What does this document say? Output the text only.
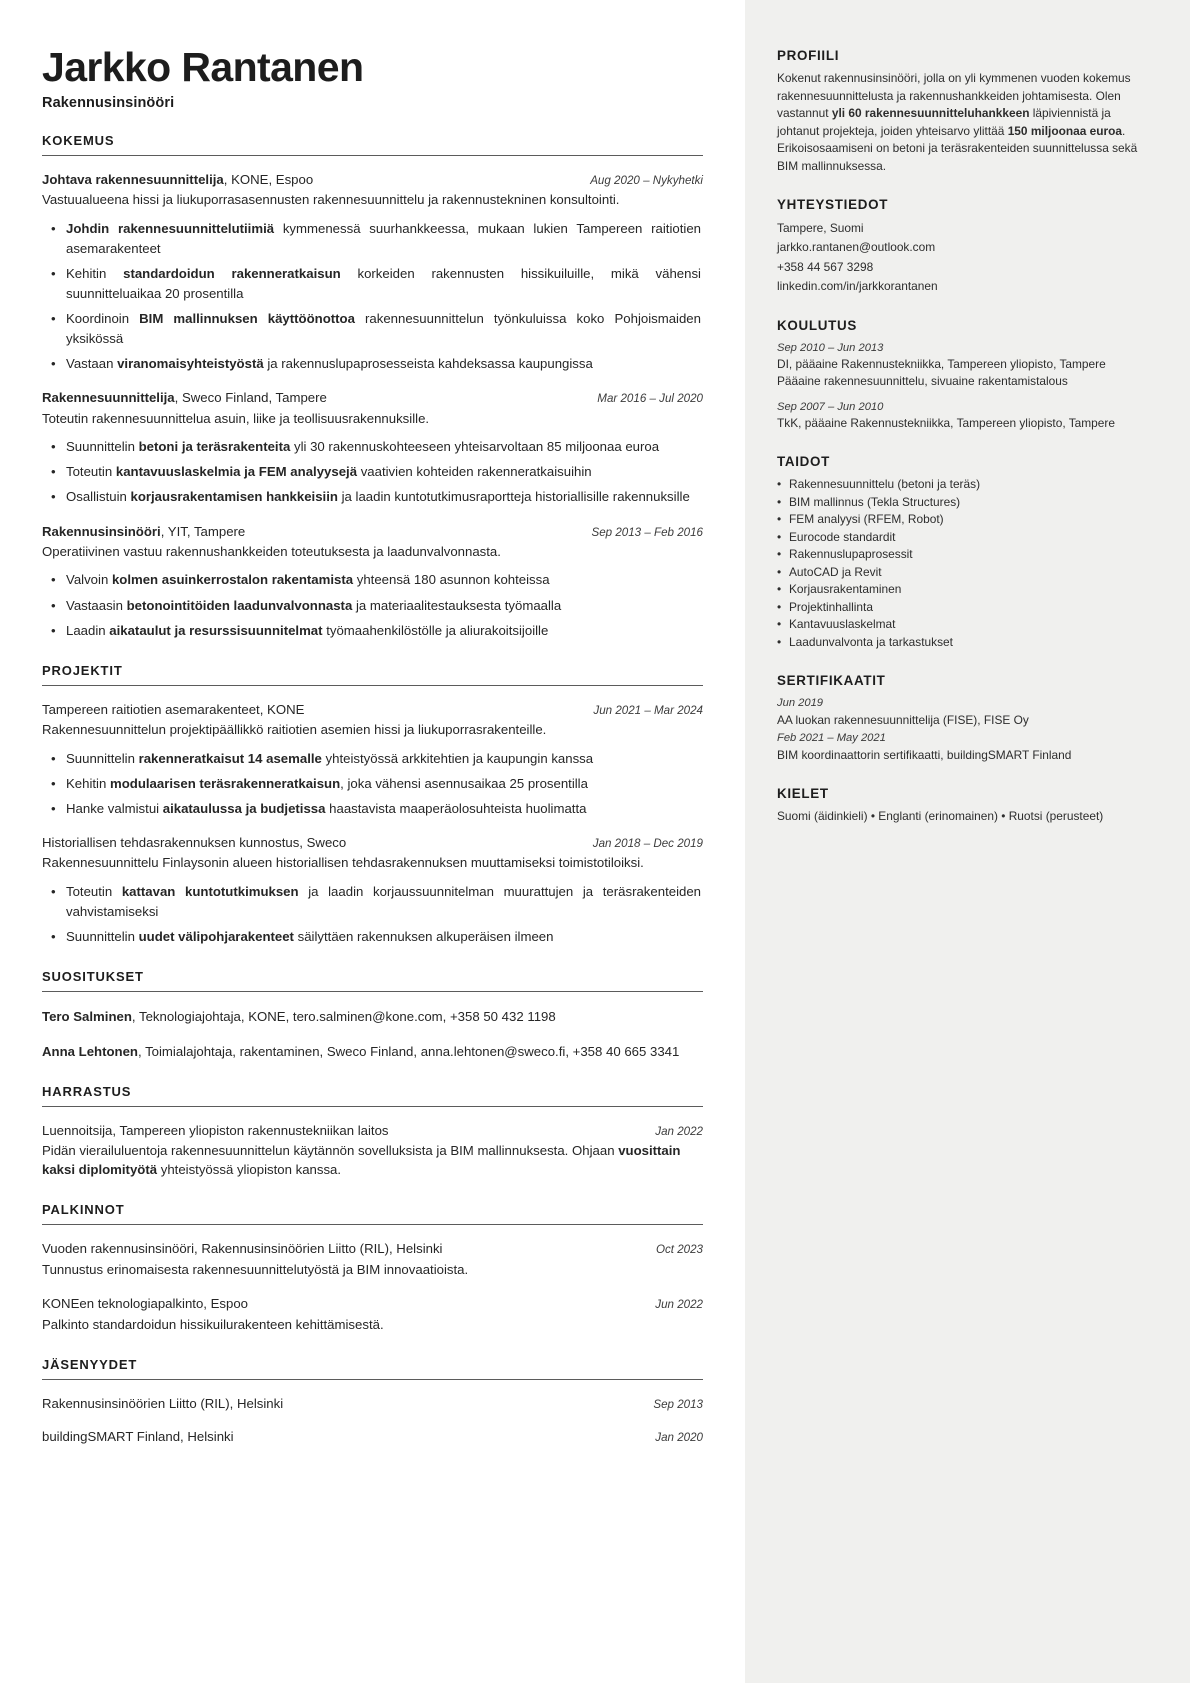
Jarkko Rantanen
Rakennusinsinööri
KOKEMUS
Johtava rakennesuunnittelija, KONE, Espoo	Aug 2020 – Nykyhetki
Vastuualueena hissi ja liukuporrasasennusten rakennesuunnittelu ja rakennustekninen konsultointi.
• Johdin rakennesuunnittelutiimiä kymmenessä suurhankkeessa, mukaan lukien Tampereen raitiotien asemarakenteet
• Kehitin standardoidun rakenneratkaisun korkeiden rakennusten hissikuiluille, mikä vähensi suunnitteluaikaa 20 prosentilla
• Koordinoin BIM mallinnuksen käyttöönottoa rakennesuunnittelun työnkuluissa koko Pohjoismaiden yksikössä
• Vastaan viranomaisyhteistyöstä ja rakennuslupaprosesseista kahdeksassa kaupungissa
Rakennesuunnittelija, Sweco Finland, Tampere	Mar 2016 – Jul 2020
Toteutin rakennesuunnittelua asuin, liike ja teollisuusrakennuksille.
• Suunnittelin betoni ja teräsrakenteita yli 30 rakennuskohteeseen yhteisarvoltaan 85 miljoonaa euroa
• Toteutin kantavuuslaskelmia ja FEM analyysejä vaativien kohteiden rakenneratkaisuihin
• Osallistuin korjausrakentamisen hankkeisiin ja laadin kuntotutkimusraportteja historiallisille rakennuksille
Rakennusinsinööri, YIT, Tampere	Sep 2013 – Feb 2016
Operatiivinen vastuu rakennushankkeiden toteutuksesta ja laadunvalvonnasta.
• Valvoin kolmen asuinkerrostalon rakentamista yhteensä 180 asunnon kohteissa
• Vastaasin betonointitöiden laadunvalvonnasta ja materiaalitestauksesta työmaalla
• Laadin aikataulut ja resurssisuunnitelmat työmaahenkilöstölle ja aliurakoitsijoille
PROJEKTIT
Tampereen raitiotien asemarakenteet, KONE	Jun 2021 – Mar 2024
Rakennesuunnittelun projektipäällikkö raitiotien asemien hissi ja liukuporrasrakenteille.
• Suunnittelin rakenneratkaisut 14 asemalle yhteistyössä arkkitehtien ja kaupungin kanssa
• Kehitin modulaarisen teräsrakenneratkaisun, joka vähensi asennusaikaa 25 prosentilla
• Hanke valmistui aikataulussa ja budjetissa haastavista maaperäolosuhteista huolimatta
Historiallisen tehdasrakennuksen kunnostus, Sweco	Jan 2018 – Dec 2019
Rakennesuunnittelu Finlaysonin alueen historiallisen tehdasrakennuksen muuttamiseksi toimistotiloiksi.
• Toteutin kattavan kuntotutkimuksen ja laadin korjaussuunnitelman muurattujen ja teräsrakenteiden vahvistamiseksi
• Suunnittelin uudet välipohjarakenteet säilyttäen rakennuksen alkuperäisen ilmeen
SUOSITUKSET
Tero Salminen, Teknologiajohtaja, KONE, tero.salminen@kone.com, +358 50 432 1198
Anna Lehtonen, Toimialajohtaja, rakentaminen, Sweco Finland, anna.lehtonen@sweco.fi, +358 40 665 3341
HARRASTUS
Luennoitsija, Tampereen yliopiston rakennustekniikan laitos	Jan 2022
Pidän vierailuluentoja rakennesuunnittelun käytännön sovelluksista ja BIM mallinnuksesta. Ohjaan vuosittain kaksi diplomityötä yhteistyössä yliopiston kanssa.
PALKINNOT
Vuoden rakennusinsinööri, Rakennusinsinöörien Liitto (RIL), Helsinki	Oct 2023
Tunnustus erinomaisesta rakennesuunnittelutyöstä ja BIM innovaatioista.
KONEen teknologiapalkinto, Espoo	Jun 2022
Palkinto standardoidun hissikuilurakenteen kehittämisestä.
JÄSENYYDET
Rakennusinsinöörien Liitto (RIL), Helsinki	Sep 2013
buildingSMART Finland, Helsinki	Jan 2020
PROFIILI
Kokenut rakennusinsinööri, jolla on yli kymmenen vuoden kokemus rakennesuunnittelusta ja rakennushankkeiden johtamisesta. Olen vastannut yli 60 rakennesuunnitteluhankkeen läpiviennistä ja johtanut projekteja, joiden yhteisarvo ylittää 150 miljoonaa euroa. Erikoisosaamiseni on betoni ja teräsrakenteiden suunnittelussa sekä BIM mallinnuksessa.
YHTEYSTIEDOT
Tampere, Suomi
jarkko.rantanen@outlook.com
+358 44 567 3298
linkedin.com/in/jarkkorantanen
KOULUTUS
Sep 2010 – Jun 2013
DI, pääaine Rakennustekniikka, Tampereen yliopisto, Tampere
Pääaine rakennesuunnittelu, sivuaine rakentamistalous
Sep 2007 – Jun 2010
TkK, pääaine Rakennustekniikka, Tampereen yliopisto, Tampere
TAIDOT
• Rakennesuunnittelu (betoni ja teräs)
• BIM mallinnus (Tekla Structures)
• FEM analyysi (RFEM, Robot)
• Eurocode standardit
• Rakennuslupaprosessit
• AutoCAD ja Revit
• Korjausrakentaminen
• Projektinhallinta
• Kantavuuslaskelmat
• Laadunvalvonta ja tarkastukset
SERTIFIKAATIT
Jun 2019
AA luokan rakennesuunnittelija (FISE), FISE Oy
Feb 2021 – May 2021
BIM koordinaattorin sertifikaatti, buildingSMART Finland
KIELET
Suomi (äidinkieli) • Englanti (erinomainen) • Ruotsi (perusteet)
